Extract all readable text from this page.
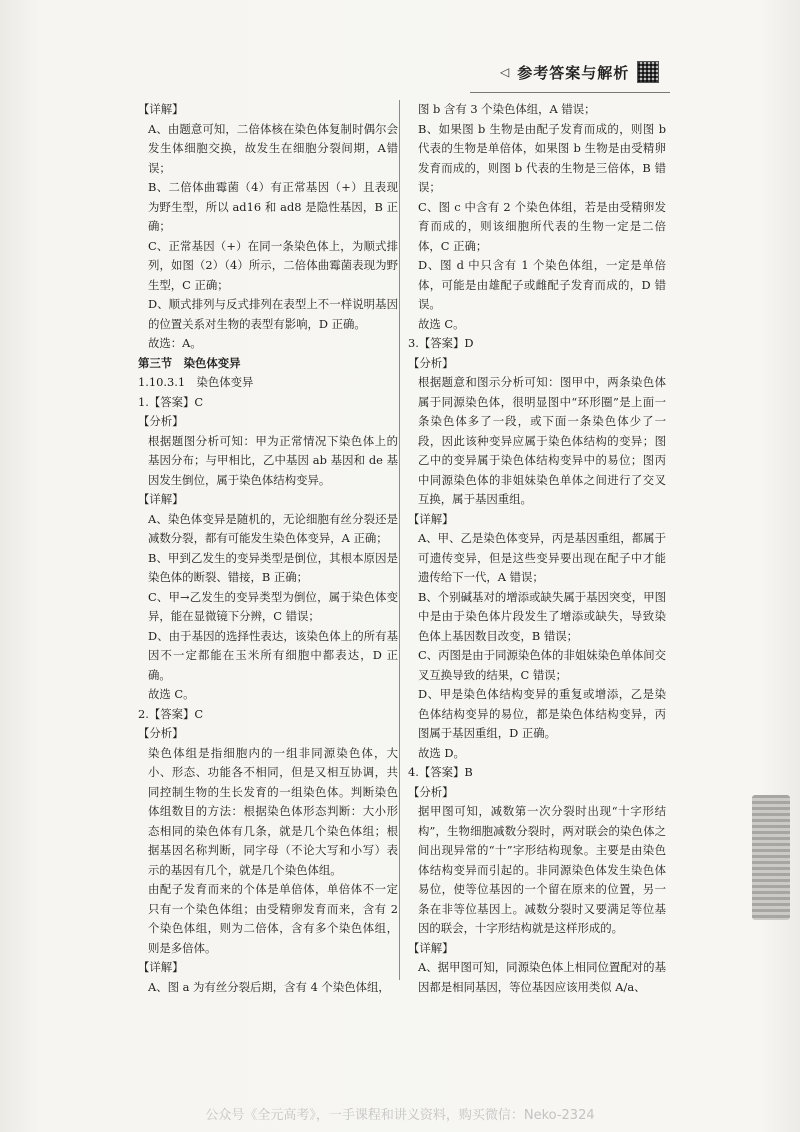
◁ 参考答案与解析

【详解】

A、由题意可知，二倍体核在染色体复制时偶尔会发生体细胞交换，故发生在细胞分裂间期，A错误；

B、二倍体曲霉菌（4）有正常基因（+）且表现为野生型，所以 ad16 和 ad8 是隐性基因，B 正确；

C、正常基因（+）在同一条染色体上，为顺式排列，如图（2）（4）所示，二倍体曲霉菌表现为野生型，C 正确；

D、顺式排列与反式排列在表型上不一样说明基因的位置关系对生物的表型有影响，D 正确。

故选：A。

第三节　染色体变异

1.10.3.1　染色体变异

1.【答案】C

【分析】

根据题图分析可知：甲为正常情况下染色体上的基因分布；与甲相比，乙中基因 ab 基因和 de 基因发生倒位，属于染色体结构变异。

【详解】

A、染色体变异是随机的，无论细胞有丝分裂还是减数分裂，都有可能发生染色体变异，A 正确；

B、甲到乙发生的变异类型是倒位，其根本原因是染色体的断裂、错接，B 正确；

C、甲→乙发生的变异类型为倒位，属于染色体变异，能在显微镜下分辨，C 错误；

D、由于基因的选择性表达，该染色体上的所有基因不一定都能在玉米所有细胞中都表达，D 正确。

故选 C。

2.【答案】C

【分析】

染色体组是指细胞内的一组非同源染色体，大小、形态、功能各不相同，但是又相互协调，共同控制生物的生长发育的一组染色体。判断染色体组数目的方法：根据染色体形态判断：大小形态相同的染色体有几条，就是几个染色体组；根据基因名称判断，同字母（不论大写和小写）表示的基因有几个，就是几个染色体组。

由配子发育而来的个体是单倍体，单倍体不一定只有一个染色体组；由受精卵发育而来，含有 2 个染色体组，则为二倍体，含有多个染色体组，则是多倍体。

【详解】

A、图 a 为有丝分裂后期，含有 4 个染色体组，

图 b 含有 3 个染色体组，A 错误；

B、如果图 b 生物是由配子发育而成的，则图 b 代表的生物是单倍体，如果图 b 生物是由受精卵发育而成的，则图 b 代表的生物是三倍体，B 错误；

C、图 c 中含有 2 个染色体组，若是由受精卵发育而成的，则该细胞所代表的生物一定是二倍体，C 正确；

D、图 d 中只含有 1 个染色体组，一定是单倍体，可能是由雄配子或雌配子发育而成的，D 错误。

故选 C。

3.【答案】D

【分析】

根据题意和图示分析可知：图甲中，两条染色体属于同源染色体，很明显图中“环形圈”是上面一条染色体多了一段，或下面一条染色体少了一段，因此该种变异应属于染色体结构的变异；图乙中的变异属于染色体结构变异中的易位；图丙中同源染色体的非姐妹染色单体之间进行了交叉互换，属于基因重组。

【详解】

A、甲、乙是染色体变异，丙是基因重组，都属于可遗传变异，但是这些变异要出现在配子中才能遗传给下一代，A 错误；

B、个别碱基对的增添或缺失属于基因突变，甲图中是由于染色体片段发生了增添或缺失，导致染色体上基因数目改变，B 错误；

C、丙图是由于同源染色体的非姐妹染色单体间交叉互换导致的结果，C 错误；

D、甲是染色体结构变异的重复或增添，乙是染色体结构变异的易位，都是染色体结构变异，丙图属于基因重组，D 正确。

故选 D。

4.【答案】B

【分析】

据甲图可知，减数第一次分裂时出现“十字形结构”，生物细胞减数分裂时，两对联会的染色体之间出现异常的“十”字形结构现象。主要是由染色体结构变异而引起的。非同源染色体发生染色体易位，使等位基因的一个留在原来的位置，另一条在非等位基因上。减数分裂时又要满足等位基因的联会，十字形结构就是这样形成的。

【详解】

A、据甲图可知，同源染色体上相同位置配对的基因都是相同基因，等位基因应该用类似 A/a、

公众号《全元高考》，一手课程和讲义资料，购买微信：Neko-2324
